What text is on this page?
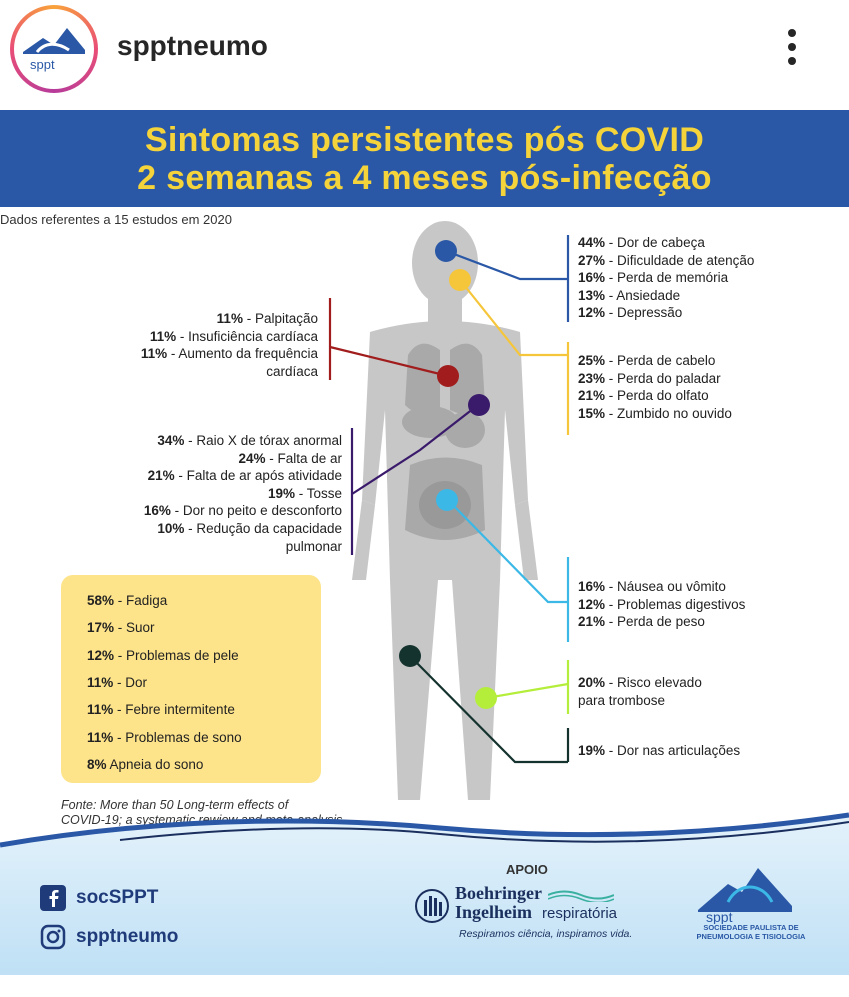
sppt
spptneumo
Sintomas persistentes pós COVID
2 semanas a 4 meses pós-infecção
Dados referentes a 15 estudos em 2020
44% - Dor de cabeça
27% - Dificuldade de atenção
16% - Perda de memória
13% - Ansiedade
12% - Depressão
25% - Perda de cabelo
23% - Perda do paladar
21% - Perda do olfato
15% - Zumbido no ouvido
11% - Palpitação
11% - Insuficiência cardíaca
11% - Aumento da frequência
cardíaca
34% - Raio X de tórax anormal
24% - Falta de ar
21% - Falta de ar após atividade
19% - Tosse
16% - Dor no peito e desconforto
10% - Redução da capacidade
pulmonar
16% - Náusea ou vômito
12% - Problemas digestivos
21% - Perda de peso
20% - Risco elevado
para trombose
19% - Dor nas articulações
58% - Fadiga
17% - Suor
12% - Problemas de pele
11% - Dor
11% - Febre intermitente
11% - Problemas de sono
8% Apneia do sono
Fonte: More than 50 Long-term effects of
COVID-19; a systematic rewiew and meta-analysis
APOIO
socSPPT
spptneumo
Boehringer
Ingelheim respiratória
Respiramos ciência, inspiramos vida.
sppt
SOCIEDADE PAULISTA DE
PNEUMOLOGIA E TISIOLOGIA
